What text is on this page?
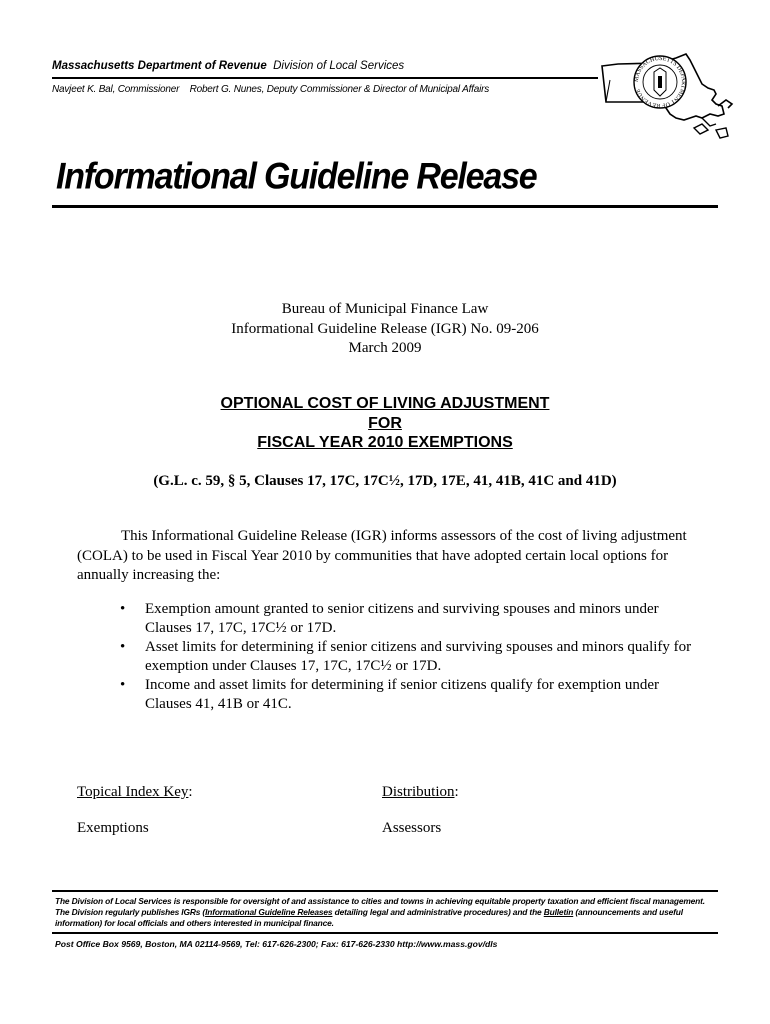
Massachusetts Department of Revenue Division of Local Services
Navjeet K. Bal, Commissioner Robert G. Nunes, Deputy Commissioner & Director of Municipal Affairs
MASSACHUSETTS DEPARTMENT OF REVENUE
Informational Guideline Release
Bureau of Municipal Finance Law
Informational Guideline Release (IGR) No. 09-206
March 2009
OPTIONAL COST OF LIVING ADJUSTMENT
FOR
FISCAL YEAR 2010 EXEMPTIONS
(G.L. c. 59, § 5, Clauses 17, 17C, 17C½, 17D, 17E, 41, 41B, 41C and 41D)
This Informational Guideline Release (IGR) informs assessors of the cost of living adjustment (COLA) to be used in Fiscal Year 2010 by communities that have adopted certain local options for annually increasing the:
• Exemption amount granted to senior citizens and surviving spouses and minors under Clauses 17, 17C, 17C½ or 17D.
• Asset limits for determining if senior citizens and surviving spouses and minors qualify for exemption under Clauses 17, 17C, 17C½ or 17D.
• Income and asset limits for determining if senior citizens qualify for exemption under Clauses 41, 41B or 41C.
Topical Index Key:
Exemptions
Distribution:
Assessors
The Division of Local Services is responsible for oversight of and assistance to cities and towns in achieving equitable property taxation and efficient fiscal management. The Division regularly publishes IGRs (Informational Guideline Releases detailing legal and administrative procedures) and the Bulletin (announcements and useful information) for local officials and others interested in municipal finance.
Post Office Box 9569, Boston, MA 02114-9569, Tel: 617-626-2300; Fax: 617-626-2330 http://www.mass.gov/dls
